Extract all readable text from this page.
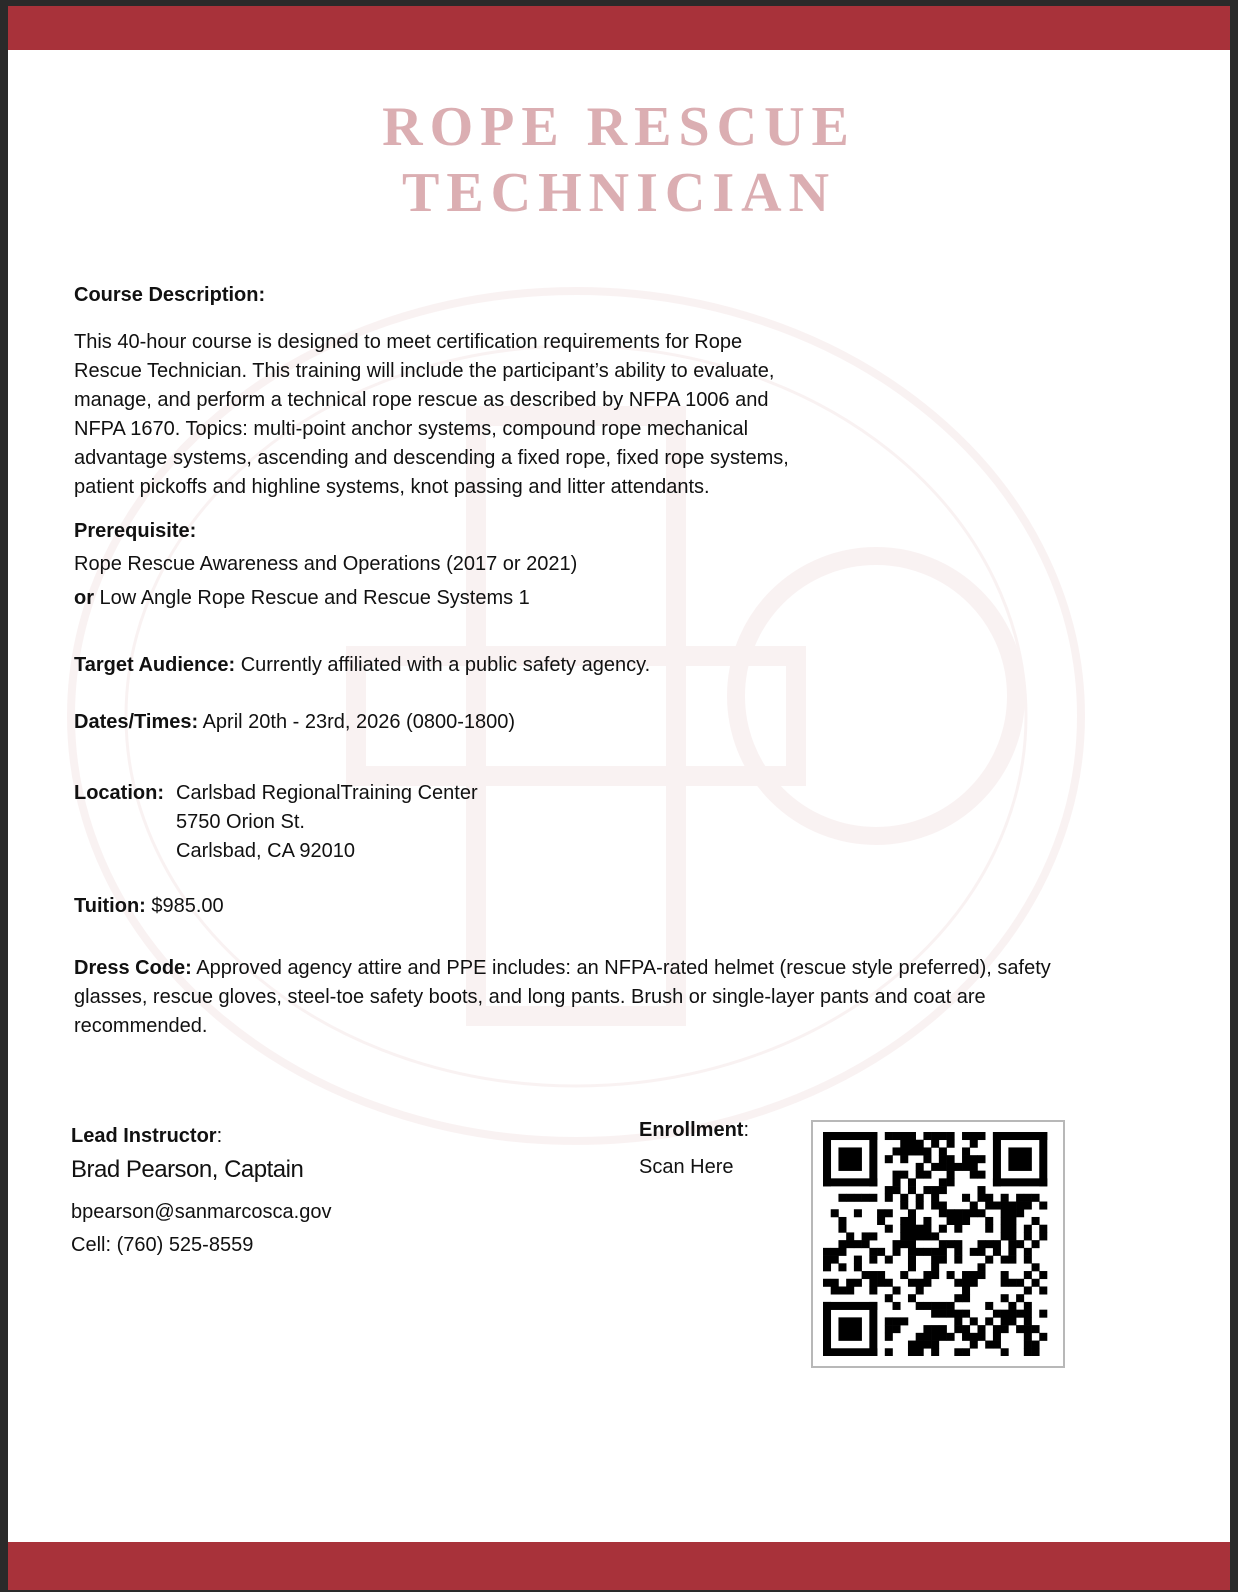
ROPE RESCUE
TECHNICIAN
Course Description:
This 40-hour course is designed to meet certification requirements for Rope
Rescue Technician. This training will include the participant’s ability to evaluate,
manage, and perform a technical rope rescue as described by NFPA 1006 and
NFPA 1670. Topics: multi-point anchor systems, compound rope mechanical
advantage systems, ascending and descending a fixed rope, fixed rope systems,
patient pickoffs and highline systems, knot passing and litter attendants.
Prerequisite:
Rope Rescue Awareness and Operations (2017 or 2021)
or Low Angle Rope Rescue and Rescue Systems 1
Target Audience: Currently affiliated with a public safety agency.
Dates/Times: April 20th - 23rd, 2026 (0800-1800)
Location: Carlsbad RegionalTraining Center
5750 Orion St.
Carlsbad, CA 92010
Tuition: $985.00
Dress Code: Approved agency attire and PPE includes: an NFPA-rated helmet (rescue style preferred), safety
glasses, rescue gloves, steel-toe safety boots, and long pants. Brush or single-layer pants and coat are
recommended.
Lead Instructor:
Brad Pearson, Captain
bpearson@sanmarcosca.gov
Cell: (760) 525-8559
Enrollment:
Scan Here
